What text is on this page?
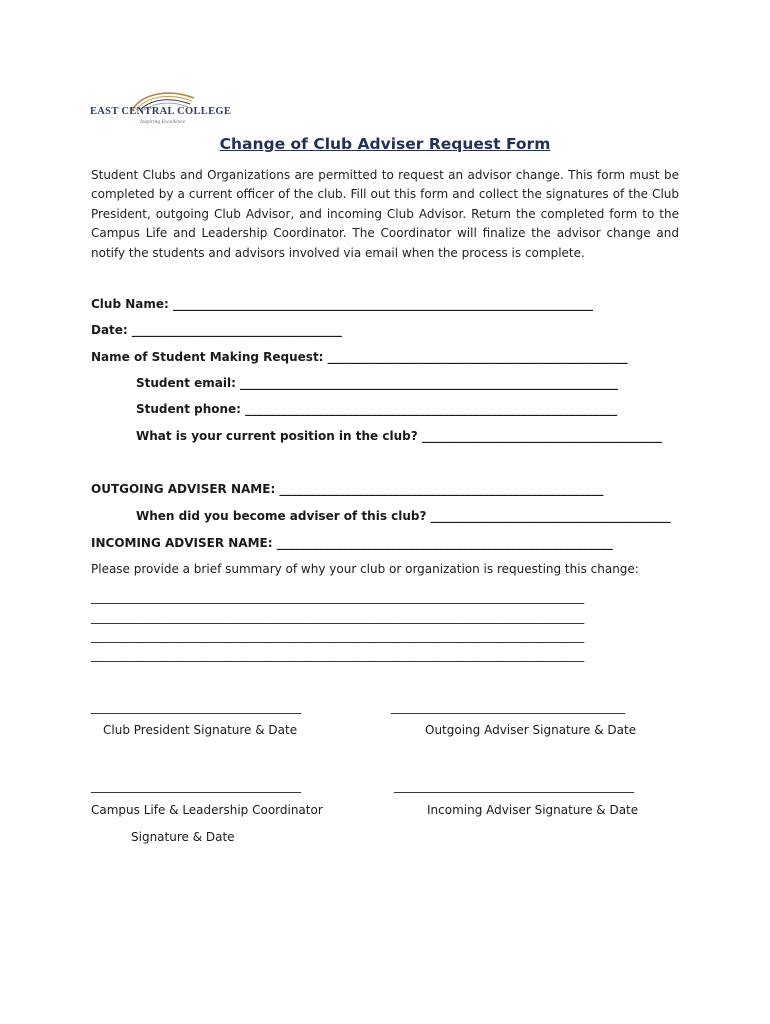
EAST CENTRAL COLLEGE
Inspiring Excellence
Change of Club Adviser Request Form
Student Clubs and Organizations are permitted to request an advisor change. This form must be completed by a current officer of the club. Fill out this form and collect the signatures of the Club President, outgoing Club Advisor, and incoming Club Advisor. Return the completed form to the Campus Life and Leadership Coordinator. The Coordinator will finalize the advisor change and notify the students and advisors involved via email when the process is complete.
Club Name: ______________________________________________________________________
Date: ___________________________________
Name of Student Making Request: __________________________________________________
Student email: _______________________________________________________________
Student phone: ______________________________________________________________
What is your current position in the club? ________________________________________
OUTGOING ADVISER NAME: ______________________________________________________
When did you become adviser of this club? ________________________________________
INCOMING ADVISER NAME: ________________________________________________________
Please provide a brief summary of why your club or organization is requesting this change:
_____________________________________________________________________________________
_____________________________________________________________________________________
_____________________________________________________________________________________
_____________________________________________________________________________________
___________________________________	_______________________________________
Club President Signature & Date	Outgoing Adviser Signature & Date
___________________________________	________________________________________
Campus Life & Leadership Coordinator	Incoming Adviser Signature & Date
Signature & Date
